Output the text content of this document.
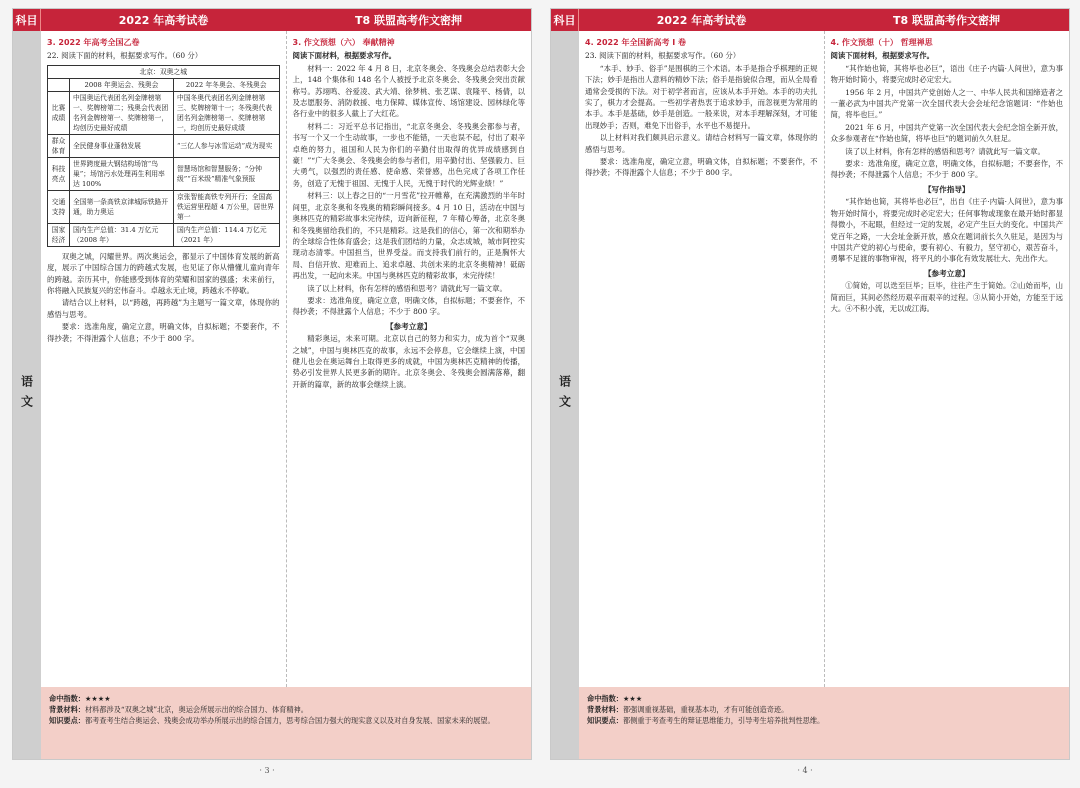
科目	2022 年高考试卷	T8 联盟高考作文密押
语文
3. 2022 年高考全国乙卷
22. 阅读下面的材料，根据要求写作。（60 分）
北京：双奥之城		
	2008 年奥运会、残奥会	2022 年冬奥会、冬残奥会
比赛成绩	中国奥运代表团名列金牌榜第一、奖牌榜第二；残奥会代表团名列金牌榜第一、奖牌榜第一，均创历史最好成绩	中国冬奥代表团名列金牌榜第三、奖牌榜第十一；冬残奥代表团名列金牌榜第一、奖牌榜第一，均创历史最好成绩
群众体育	全民健身事业蓬勃发展	“三亿人参与冰雪运动”成为现实
科技亮点	世界跨度最大钢结构场馆“鸟巢”；场馆污水处理再生利用率达 100%	智慧场馆和智慧服务；“分钟级”“百米级”精准气象预报
交通支持	全国第一条高铁京津城际铁路开通，助力奥运	京张智能高铁专列开行；全国高铁运营里程超 4 万公里，居世界第一
国家经济	国内生产总值：31.4 万亿元（2008 年）	国内生产总值：114.4 万亿元（2021 年）
双奥之城，闪耀世界。两次奥运会，都显示了中国体育发展的新高度，展示了中国综合国力的跨越式发展，也见证了你从懵懂儿童向青年的跨越。亲历其中，你能感受到体育的荣耀和国家的强盛；未来前行，你将融入民族复兴的宏伟奋斗。卓越永无止境，跨越永不停歇。
请结合以上材料，以“跨越，再跨越”为主题写一篇文章，体现你的感悟与思考。
要求：选准角度，确定立意，明确文体，自拟标题；不要套作，不得抄袭；不得泄露个人信息；不少于 800 字。
3. 作文预想（六） 奉献精神
阅读下面材料，根据要求写作。
材料一：2022 年 4 月 8 日，北京冬奥会、冬残奥会总结表彰大会上，148 个集体和 148 名个人被授予北京冬奥会、冬残奥会突出贡献称号。苏翊鸣、谷爱凌、武大靖、徐梦桃、张艺谋、袁隆平、杨倩，以及志愿服务、消防救援、电力保障、媒体宣传、场馆建设、园林绿化等各行业中的很多人截上了大红花。
材料二：习近平总书记指出，“北京冬奥会、冬残奥会都参与者，书写一个又一个生动故事，一步也不能错，一天也误不起，付出了艰辛卓绝的努力，祖国和人民为你们的辛勤付出取得的优异成绩感到自豪！”“广大冬奥会、冬残奥会的参与者们，用辛勤付出、坚强毅力、巨大勇气，以强烈的责任感、使命感、荣誉感，出色完成了各项工作任务，创造了无愧于祖国、无愧于人民，无愧于时代的光辉业绩！”
材料三：以上春之日的“一月雪花”拉开帷幕，在充满激烈的半年时间里，北京冬奥和冬残奥的精彩瞬间接多。4 月 10 日，活动在中国与奥林匹克的精彩故事未完待续，迈向新征程，7 年精心筹备，北京冬奥和冬残奥留给我们的，不只是精彩。这是我们的信心，第一次和期举办的全球综合性体育盛会；这是我们团结的力量，众志成城，城市阿控实现动态清零。中国担当，世界受益。而支持我们前行的，正是胸怀大局、自信开放、迎难而上、追求卓越、共创未来的北京冬奥精神！砥砺再出发，一起向未来。中国与奥林匹克的精彩故事，未完待续！
读了以上材料，你有怎样的感悟和思考？请就此写一篇文章。
要求：选准角度，确定立意，明确文体，自拟标题；不要套作，不得抄袭；不得泄露个人信息；不少于 800 字。
【参考立意】
精彩奥运，未来可期。北京以自己的努力和实力，成为首个“双奥之城”，中国与奥林匹克的故事，永远不会停息，它会继续上演，中国健儿也会在奥运舞台上取得更多的成就，中国为奥林匹克精神的传播，势必引发世界人民更多新的期许。北京冬奥会、冬残奥会圆满落幕，翻开新的篇章，新的故事会继续上演。
命中指数：★★★★
背景材料：材料都涉及“双奥之城”北京，奥运会所展示出的综合国力、体育精神。
知识要点：都考查考生结合奥运会、残奥会成功举办所展示出的综合国力，思考综合国力强大的现实意义以及对自身发展、国家未来的展望。
· 3 ·
科目	2022 年高考试卷	T8 联盟高考作文密押
语文
4. 2022 年全国新高考 Ⅰ 卷
23. 阅读下面的材料，根据要求写作。（60 分）
“本手、妙手、俗手”是围棋的三个术语。本手是指合乎棋理的正规下法；妙手是指出人意料的精妙下法；俗手是指貌似合理，而从全局看通常会受损的下法。对于初学者而言，应该从本手开始。本手的功夫扎实了，棋力才会提高。一些初学者热衷于追求妙手，而忽视更为常用的本手。本手是基础，妙手是创造。一般来说，对本手理解深刻，才可能出现妙手；否则，难免下出俗手，水平也不易提升。
以上材料对我们颇具启示意义。请结合材料写一篇文章，体现你的感悟与思考。
要求：选准角度，确定立意，明确文体，自拟标题；不要套作，不得抄袭；不得泄露个人信息；不少于 800 字。
4. 作文预想（十） 哲理禅思
阅读下面材料，根据要求写作。
“其作始也简，其将毕也必巨”，语出《庄子·内篇·人间世》，意为事物开始时简小，将要完成时必定宏大。
1956 年 2 月，中国共产党创始人之一、中华人民共和国缔造者之一董必武为中国共产党第一次全国代表大会会址纪念馆题词：“作始也简，将毕也巨。”
2021 年 6 月，中国共产党第一次全国代表大会纪念馆全新开放，众多参观者在“作始也简，将毕也巨”的题词前久久驻足。
读了以上材料，你有怎样的感悟和思考？请就此写一篇文章。
要求：选准角度，确定立意，明确文体，自拟标题；不要套作，不得抄袭；不得泄露个人信息；不少于 800 字。
【写作指导】
“其作始也简，其将毕也必巨”，出自《庄子·内篇·人间世》，意为事物开始时简小，将要完成时必定宏大；任何事物或现象在最开始时都显得微小，不起眼，但经过一定的发展，必定产生巨大的变化。中国共产党百年之路，一大会址金新开放，感众在题词前长久久驻足，是因为与中国共产党的初心与使命，要有初心、有毅力，坚守初心，艰苦奋斗，勇攀不足渡的事物审视，将平凡的小事化有效发展壮大、先出作大。
【参考立意】
①简始，可以迭至巨毕；巨毕，往往产生于简始。②山始而毕，山简而巨，其间必然经历艰辛而艰辛的过程。③从简小开始，方能至于远大。④不积小流，无以成江海。
命中指数：★★★
背景材料：都强调重视基础，重视基本功，才有可能创造奇迹。
知识要点：都侧重于考查考生的辩证思维能力，引导考生培养批判性思维。
· 4 ·
